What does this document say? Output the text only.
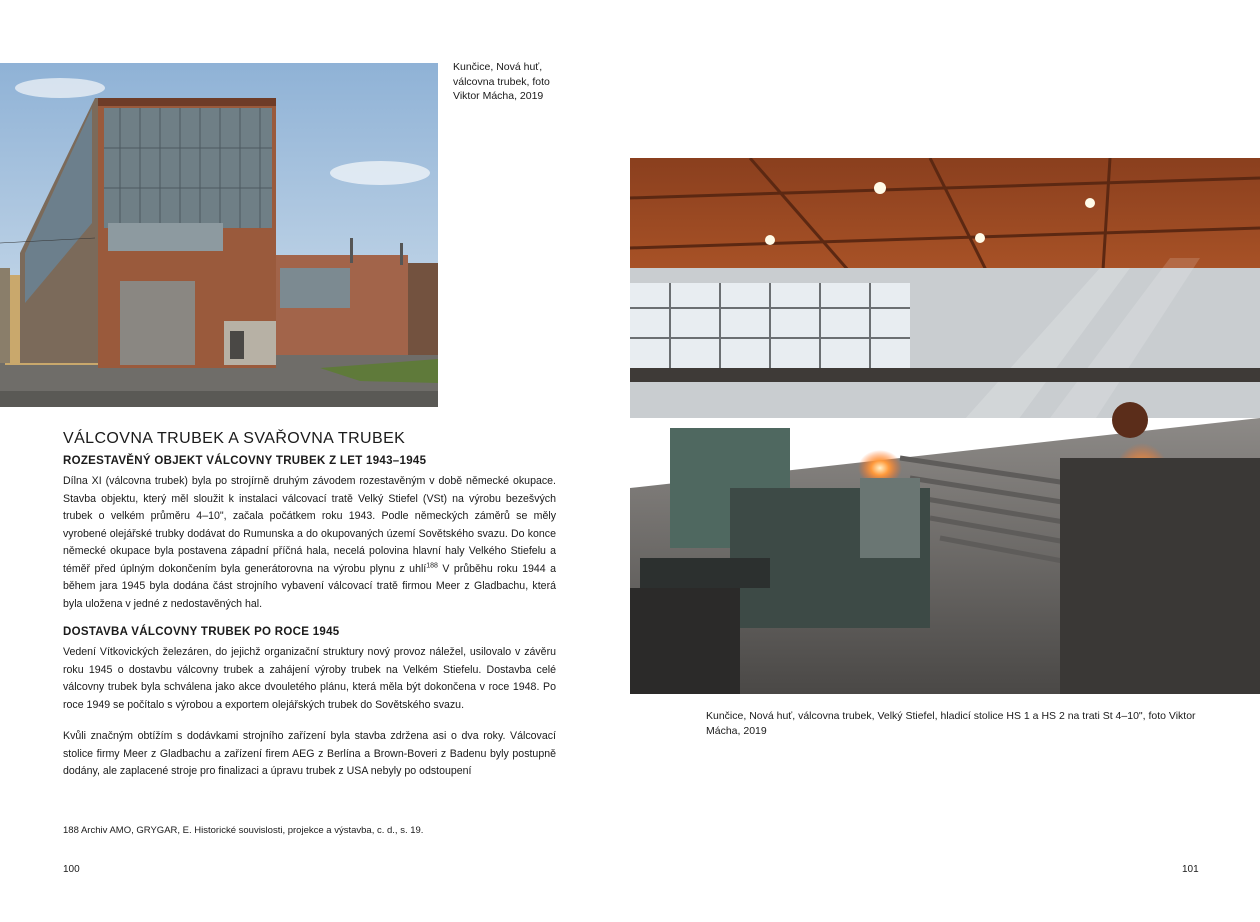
Kunčice, Nová huť, válcovna trubek, foto Viktor Mácha, 2019
Kunčice, Nová huť, válcovna trubek, Velký Stiefel, hladicí stolice HS 1 a HS 2 na trati St 4–10", foto Viktor Mácha, 2019
VÁLCOVNA TRUBEK A SVAŘOVNA TRUBEK
ROZESTAVĚNÝ OBJEKT VÁLCOVNY TRUBEK Z LET 1943–1945

Dílna XI (válcovna trubek) byla po strojírně druhým závodem rozestavěným v době německé okupace. Stavba objektu, který měl sloužit k instalaci válcovací tratě Velký Stiefel (VSt) na výrobu bezešvých trubek o velkém průměru 4–10", začala počátkem roku 1943. Podle německých záměrů se měly vyrobené olejářské trubky dodávat do Rumunska a do okupovaných území Sovětského svazu. Do konce německé okupace byla postavena západní příčná hala, necelá polovina hlavní haly Velkého Stiefelu a téměř před úplným dokončením byla generátorovna na výrobu plynu z uhlí$^{188}$ V průběhu roku 1944 a během jara 1945 byla dodána část strojního vybavení válcovací tratě firmou Meer z Gladbachu, která byla uložena v jedné z nedostavěných hal.

DOSTAVBA VÁLCOVNY TRUBEK PO ROCE 1945

Vedení Vítkovických železáren, do jejichž organizační struktury nový provoz náležel, usilovalo v závěru roku 1945 o dostavbu válcovny trubek a zahájení výroby trubek na Velkém Stiefelu. Dostavba celé válcovny trubek byla schválena jako akce dvouletého plánu, která měla být dokončena v roce 1948. Po roce 1949 se počítalo s výrobou a exportem olejářských trubek do Sovětského svazu.

Kvůli značným obtížím s dodávkami strojního zařízení byla stavba zdržena asi o dva roky. Válcovací stolice firmy Meer z Gladbachu a zařízení firem AEG z Berlína a Brown-Boveri z Badenu byly postupně dodány, ale zaplacené stroje pro finalizaci a úpravu trubek z USA nebyly po odstoupení

188 Archiv AMO, GRYGAR, E. Historické souvislosti, projekce a výstavba, c. d., s. 19.
100	101
